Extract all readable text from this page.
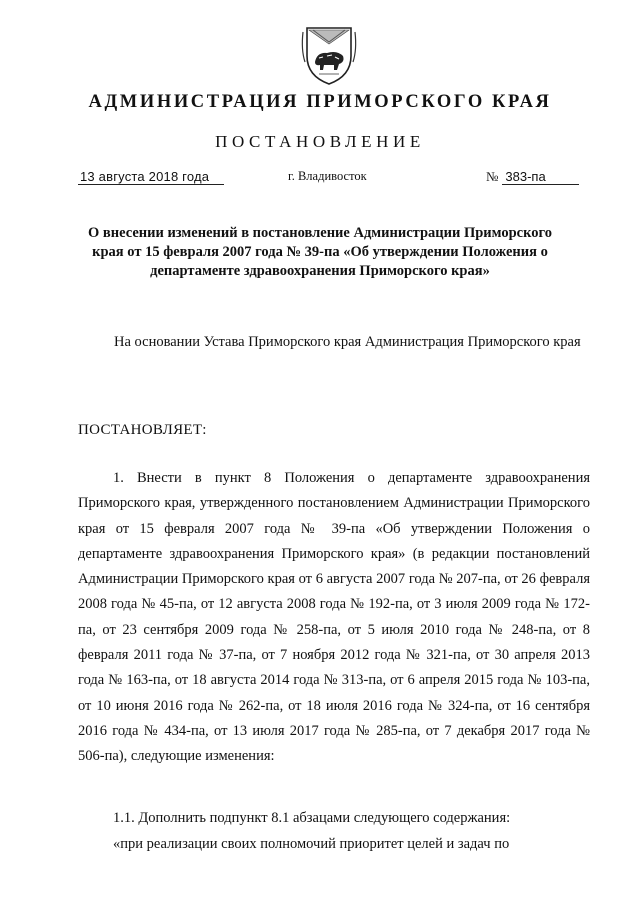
АДМИНИСТРАЦИЯ ПРИМОРСКОГО КРАЯ
ПОСТАНОВЛЕНИЕ
13 августа 2018 года	г. Владивосток	№ 383-па
О внесении изменений в постановление Администрации Приморского края от 15 февраля 2007 года № 39-па «Об утверждении Положения о департаменте здравоохранения Приморского края»
На основании Устава Приморского края Администрация Приморского края
ПОСТАНОВЛЯЕТ:
1. Внести в пункт 8 Положения о департаменте здравоохранения Приморского края, утвержденного постановлением Администрации Приморского края от 15 февраля 2007 года № 39-па «Об утверждении Положения о департаменте здравоохранения Приморского края» (в редакции постановлений Администрации Приморского края от 6 августа 2007 года № 207-па, от 26 февраля 2008 года № 45-па, от 12 августа 2008 года № 192-па, от 3 июля 2009 года № 172-па, от 23 сентября 2009 года № 258-па, от 5 июля 2010 года № 248-па, от 8 февраля 2011 года № 37-па, от 7 ноября 2012 года № 321-па, от 30 апреля 2013 года № 163-па, от 18 августа 2014 года № 313-па, от 6 апреля 2015 года № 103-па, от 10 июня 2016 года № 262-па, от 18 июля 2016 года № 324-па, от 16 сентября 2016 года № 434-па, от 13 июля 2017 года № 285-па, от 7 декабря 2017 года № 506-па), следующие изменения:
1.1. Дополнить подпункт 8.1 абзацами следующего содержания:
«при реализации своих полномочий приоритет целей и задач по
